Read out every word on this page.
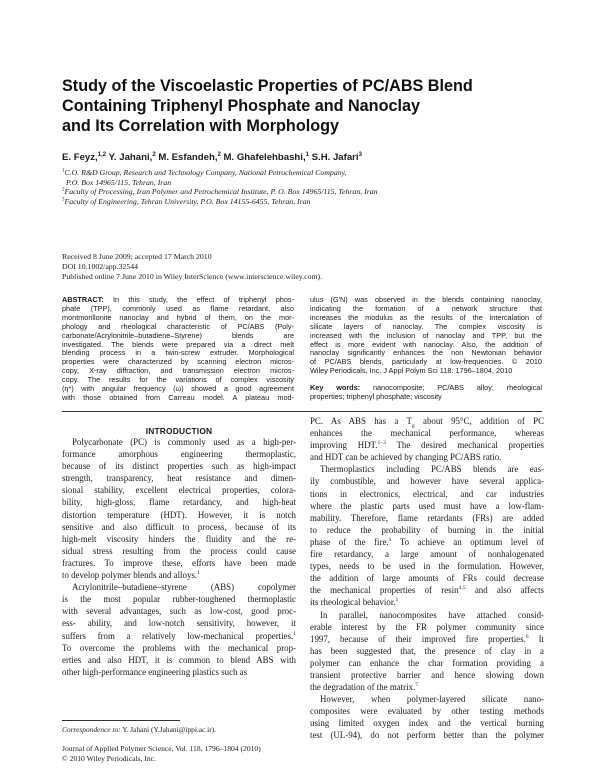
Study of the Viscoelastic Properties of PC/ABS Blend
Containing Triphenyl Phosphate and Nanoclay
and Its Correlation with Morphology
E. Feyz,$^{1,2}$ Y. Jahani,$^2$ M. Esfandeh,$^2$ M. Ghafelehbashi,$^1$ S.H. Jafari$^3$
$^1$C.O. R&D Group, Research and Technology Company, National Petrochemical Company,
P.O. Box 14965/115, Tehran, Iran
$^2$Faculty of Processing, Iran Polymer and Petrochemical Institute, P. O. Box 14965/115, Tehran, Iran
$^3$Faculty of Engineering, Tehran University, P.O. Box 14155-6455, Tehran, Iran
Received 8 June 2009; accepted 17 March 2010
DOI 10.1002/app.32544
Published online 7 June 2010 in Wiley InterScience (www.interscience.wiley.com).
ABSTRACT: In this study, the effect of triphenyl phos-
phate (TPP), commonly used as flame retardant, also
montmorillonite nanoclay and hybrid of them, on the mor-
phology and rheological characteristic of PC/ABS (Poly-
carbonate/Acrylonitrile–butadiene–Styrene) blends are
investigated. The blends were prepared via a direct melt
blending process in a twin-screw extruder. Morphological
properties were characterized by scanning electron micros-
copy, X-ray diffraction, and transmission electron micros-
copy. The results for the variations of complex viscosity
(η*) with angular frequency (ω) showed a good agreement
with those obtained from Carreau model. A plateau mod-
ulus (G′N) was observed in the blends containing nanoclay,
indicating the formation of a network structure that
increases the modulus as the results of the intercalation of
silicate layers of nanoclay. The complex viscosity is
increased with the inclusion of nanoclay and TPP, but the
effect is more evident with nanoclay. Also, the addition of
nanoclay significantly enhances the non Newtonian behavior
of PC/ABS blends, particularly at low-frequencies. © 2010
Wiley Periodicals, Inc. J Appl Polym Sci 118: 1796–1804, 2010
Key words: nanocomposite; PC/ABS alloy; rheological
properties; triphenyl phosphate; viscosity
INTRODUCTION
Polycarbonate (PC) is commonly used as a high-per-
formance amorphous engineering thermoplastic,
because of its distinct properties such as high-impact
strength, transparency, heat resistance and dimen-
sional stability, excellent electrical properties, colora-
bility, high-gloss, flame retardancy, and high-heat
distortion temperature (HDT). However, it is notch
sensitive and also difficult to process, because of its
high-melt viscosity hinders the fluidity and the re-
sidual stress resulting from the process could cause
fractures. To improve these, efforts have been made
to develop polymer blends and alloys.$^1$
Acrylonitrile–butadiene–styrene (ABS) copolymer
is the most popular rubber-toughened thermoplastic
with several advantages, such as low-cost, good proc-
ess- ability, and low-notch sensitivity, however, it
suffers from a relatively low-mechanical properties.$^1$
To overcome the problems with the mechanical prop-
erties and also HDT, it is common to blend ABS with
other high-performance engineering plastics such as
PC. As ABS has a $T_g$ about 95°C, addition of PC
enhances the mechanical performance, whereas
improving HDT.$^{1-3}$ The desired mechanical properties
and HDT can be achieved by changing PC/ABS ratio.
Thermoplastics including PC/ABS blends are eas-
ily combustible, and however have several applica-
tions in electronics, electrical, and car industries
where the plastic parts used must have a low-flam-
mability. Therefore, flame retardants (FRs) are added
to reduce the probability of burning in the initial
phase of the fire.$^1$ To achieve an optimum level of
fire retardancy, a large amount of nonhalogenated
types, needs to be used in the formulation. However,
the addition of large amounts of FRs could decrease
the mechanical properties of resin$^{4,5}$ and also affects
its rheological behavior.$^1$
In parallel, nanocomposites have attached consid-
erable interest by the FR polymer community since
1997, because of their improved fire properties.$^6$ It
has been suggested that, the presence of clay in a
polymer can enhance the char formation providing a
transient protective barrier and hence slowing down
the degradation of the matrix.$^7$
However, when polymer-layered silicate nano-
composites were evaluated by other testing methods
using limited oxygen index and the vertical burning
test (UL-94), do not perform better than the polymer
Correspondence to: Y. Jahani (Y.Jahani@ippi.ac.ir).
Journal of Applied Polymer Science, Vol. 118, 1796–1804 (2010)
© 2010 Wiley Periodicals, Inc.
